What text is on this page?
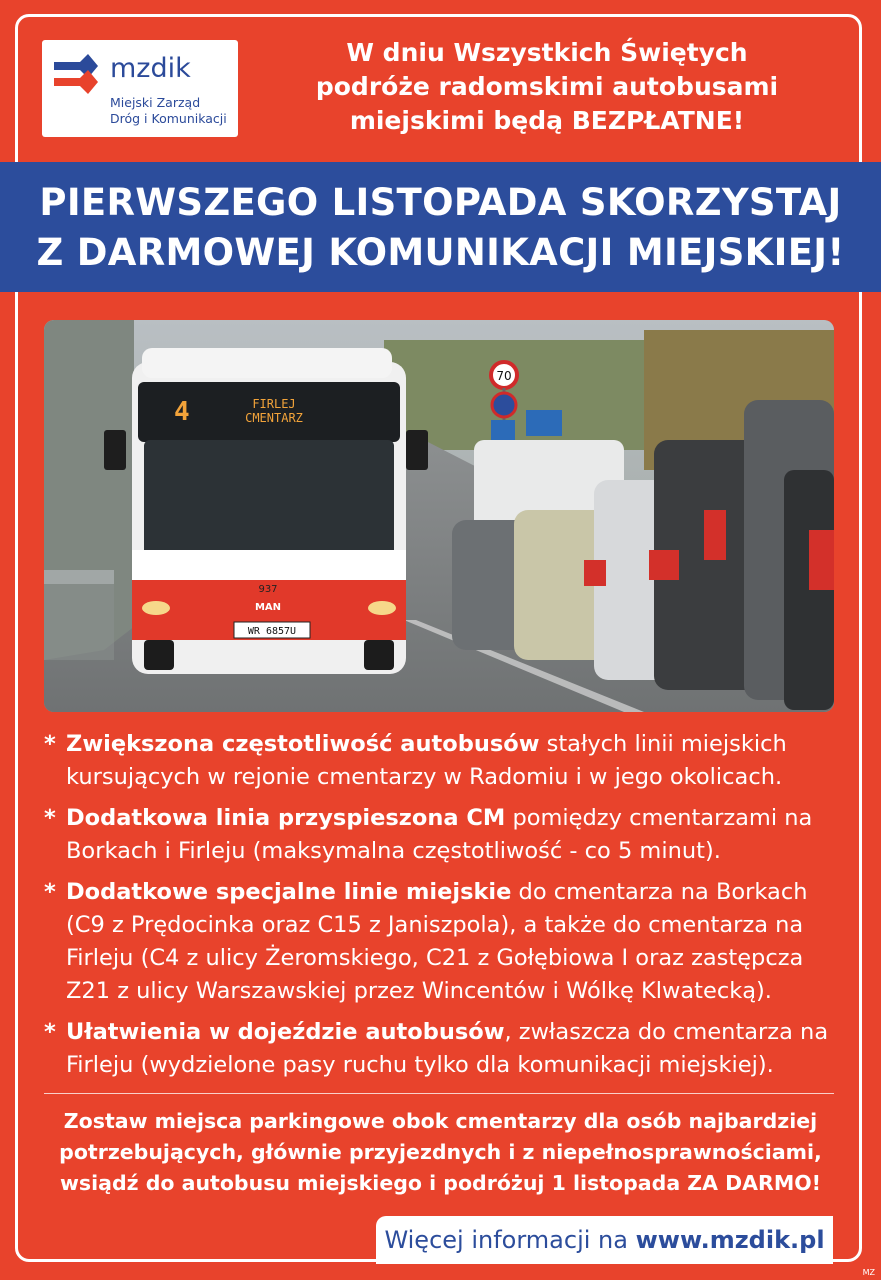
mzdik
Miejski Zarząd
Dróg i Komunikacji
W dniu Wszystkich Świętych
podróże radomskimi autobusami
miejskimi będą BEZPŁATNE!
PIERWSZEGO LISTOPADA SKORZYSTAJ
Z DARMOWEJ KOMUNIKACJI MIEJSKIEJ!
70
4	FIRLEJ
CMENTARZ
937
MAN
WR 6857U
* Zwiększona częstotliwość autobusów stałych linii miejskich kursujących w rejonie cmentarzy w Radomiu i w jego okolicach.
* Dodatkowa linia przyspieszona CM pomiędzy cmentarzami na Borkach i Firleju (maksymalna częstotliwość - co 5 minut).
* Dodatkowe specjalne linie miejskie do cmentarza na Borkach (C9 z Prędocinka oraz C15 z Janiszpola), a także do cmentarza na Firleju (C4 z ulicy Żeromskiego, C21 z Gołębiowa I oraz zastępcza Z21 z ulicy Warszawskiej przez Wincentów i Wólkę Klwatecką).
* Ułatwienia w dojeździe autobusów, zwłaszcza do cmentarza na Firleju (wydzielone pasy ruchu tylko dla komunikacji miejskiej).
Zostaw miejsca parkingowe obok cmentarzy dla osób najbardziej
potrzebujących, głównie przyjezdnych i z niepełnosprawnościami,
wsiądź do autobusu miejskiego i podróżuj 1 listopada ZA DARMO!
Więcej informacji na www.mzdik.pl
MZ
